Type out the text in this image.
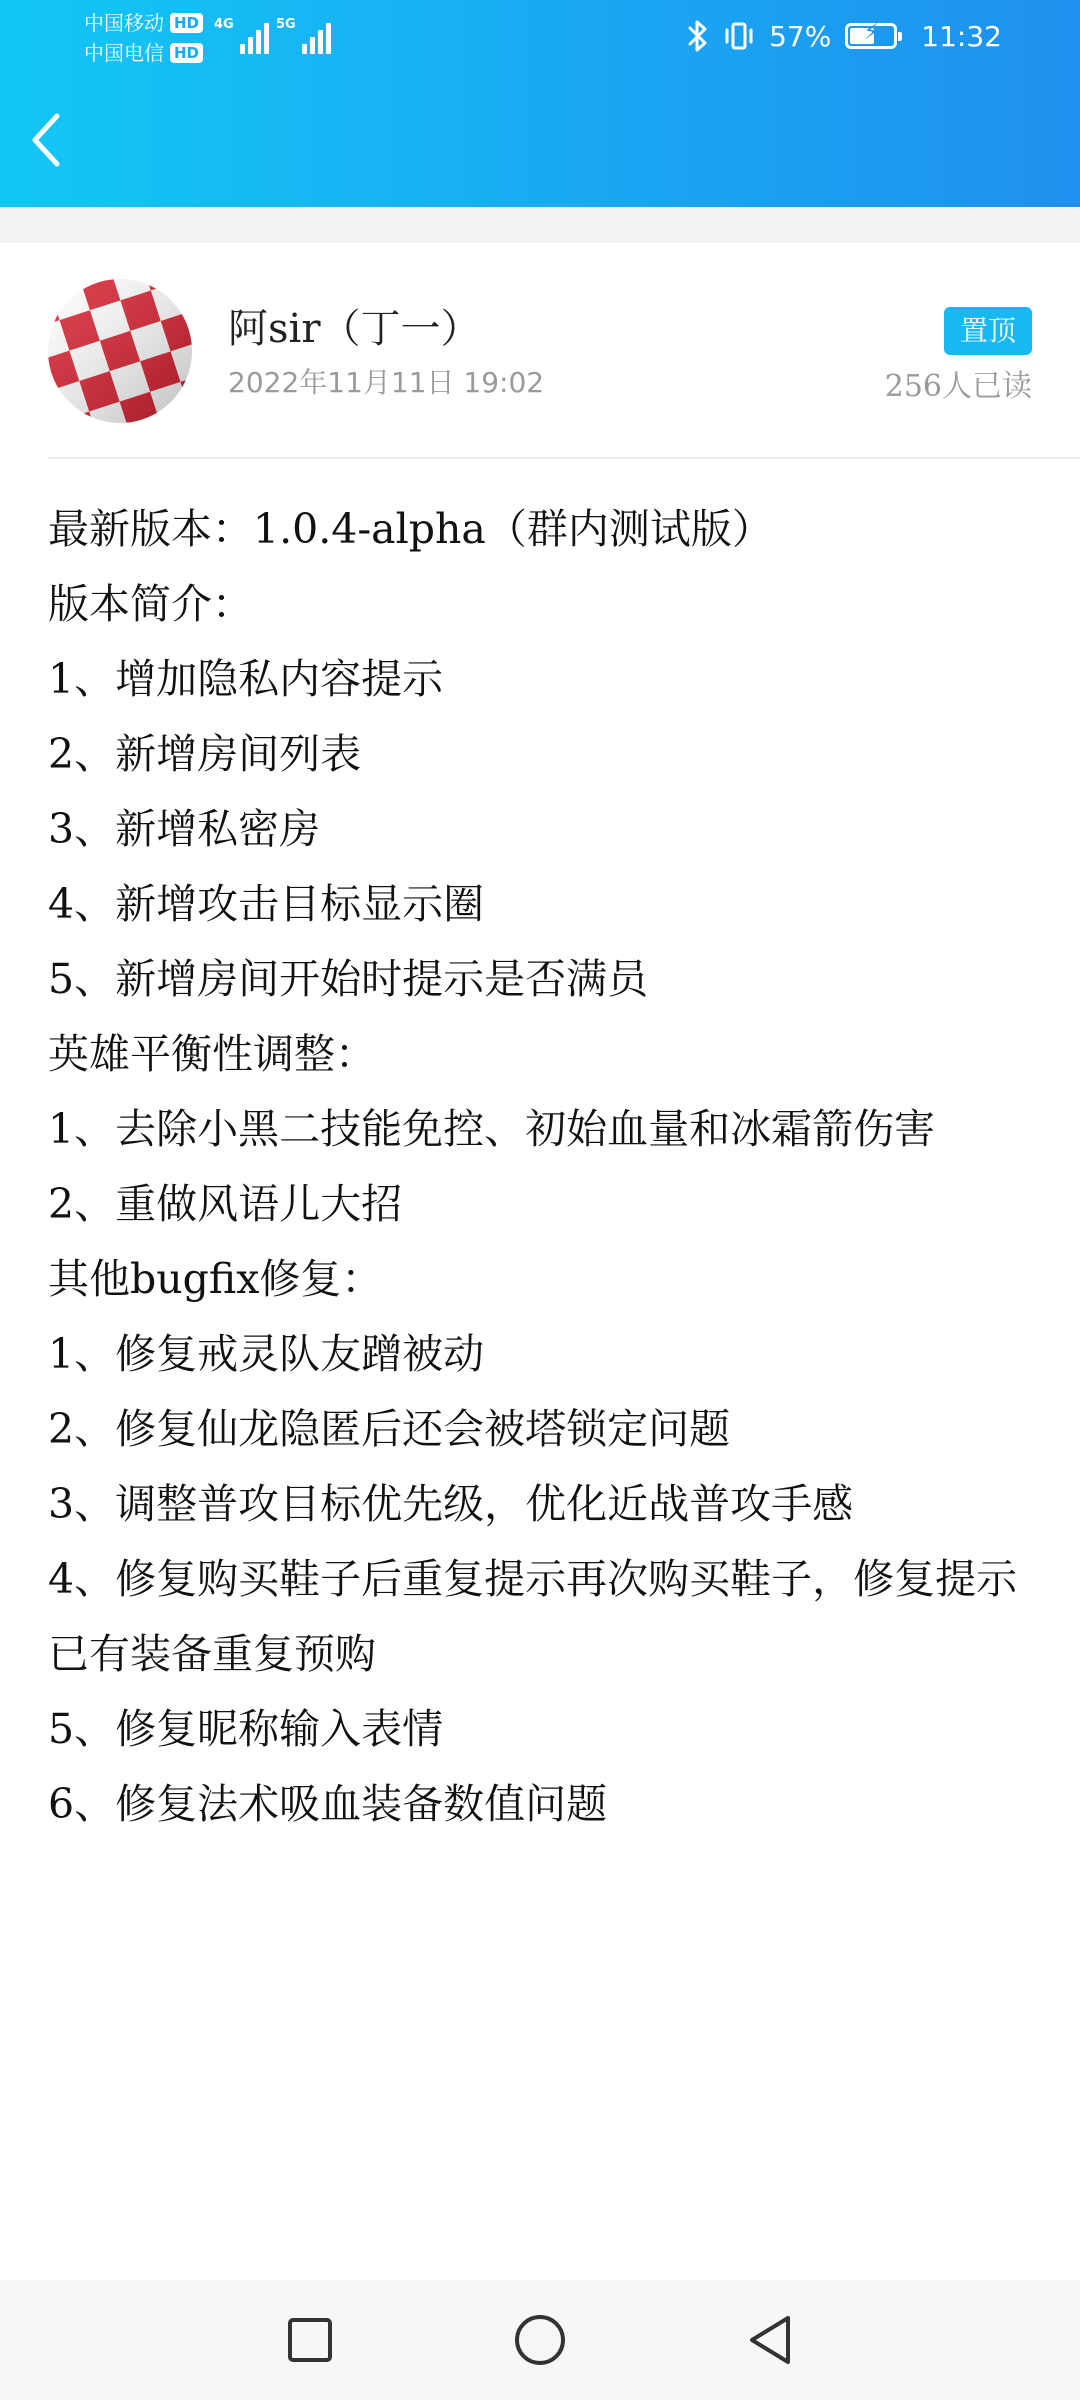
中国移动 HD
中国电信 HD
4G	5G	57%	⚡	11:32
阿sir（丁一）
2022年11月11日 19:02
置顶
256人已读

最新版本：1.0.4-alpha（群内测试版）

版本简介：

1、增加隐私内容提示

2、新增房间列表

3、新增私密房

4、新增攻击目标显示圈

5、新增房间开始时提示是否满员

英雄平衡性调整：

1、去除小黑二技能免控、初始血量和冰霜箭伤害

2、重做风语儿大招

其他bugfix修复：

1、修复戒灵队友蹭被动

2、修复仙龙隐匿后还会被塔锁定问题

3、调整普攻目标优先级，优化近战普攻手感

4、修复购买鞋子后重复提示再次购买鞋子，修复提示已有装备重复预购

5、修复昵称输入表情

6、修复法术吸血装备数值问题
